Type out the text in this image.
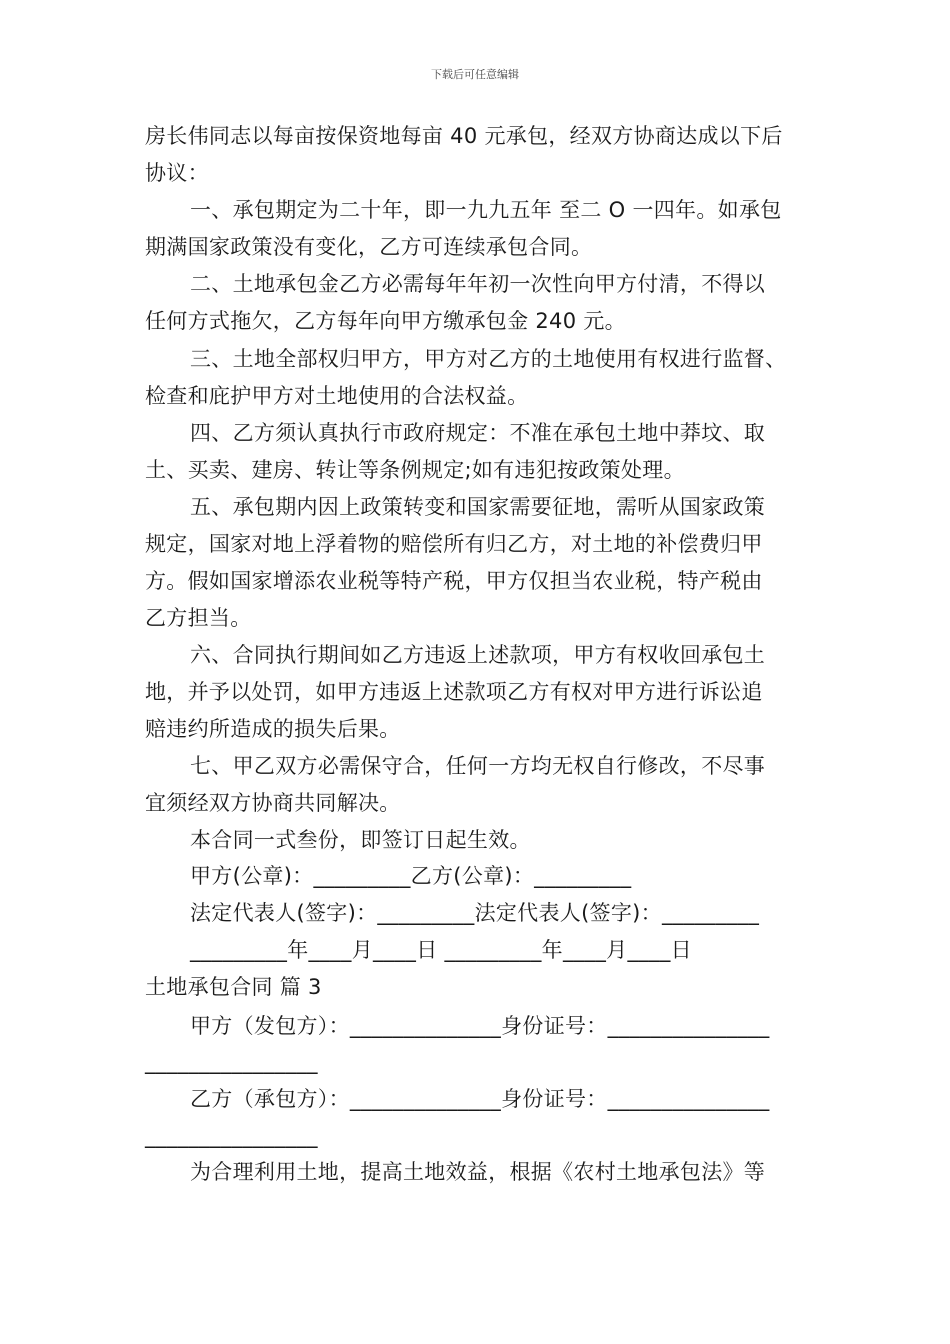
下载后可任意编辑
房长伟同志以每亩按保资地每亩 40 元承包，经双方协商达成以下后
协议：
一、承包期定为二十年，即一九九五年 至二 O 一四年。如承包
期满国家政策没有变化，乙方可连续承包合同。
二、土地承包金乙方必需每年年初一次性向甲方付清，不得以
任何方式拖欠，乙方每年向甲方缴承包金 240 元。
三、土地全部权归甲方，甲方对乙方的土地使用有权进行监督、
检查和庇护甲方对土地使用的合法权益。
四、乙方须认真执行市政府规定：不准在承包土地中莽坟、取
土、买卖、建房、转让等条例规定;如有违犯按政策处理。
五、承包期内因上政策转变和国家需要征地，需听从国家政策
规定，国家对地上浮着物的赔偿所有归乙方，对土地的补偿费归甲
方。假如国家增添农业税等特产税，甲方仅担当农业税，特产税由
乙方担当。
六、合同执行期间如乙方违返上述款项，甲方有权收回承包土
地，并予以处罚，如甲方违返上述款项乙方有权对甲方进行诉讼追
赔违约所造成的损失后果。
七、甲乙双方必需保守合，任何一方均无权自行修改，不尽事
宜须经双方协商共同解决。
本合同一式叁份，即签订日起生效。
甲方(公章)：_________乙方(公章)：_________
法定代表人(签字)：_________法定代表人(签字)：_________
_________年____月____日 _________年____月____日
土地承包合同 篇 3
甲方（发包方）：______________身份证号：_______________
________________
乙方（承包方）：______________身份证号：_______________
________________
为合理利用土地，提高土地效益，根据《农村土地承包法》等
